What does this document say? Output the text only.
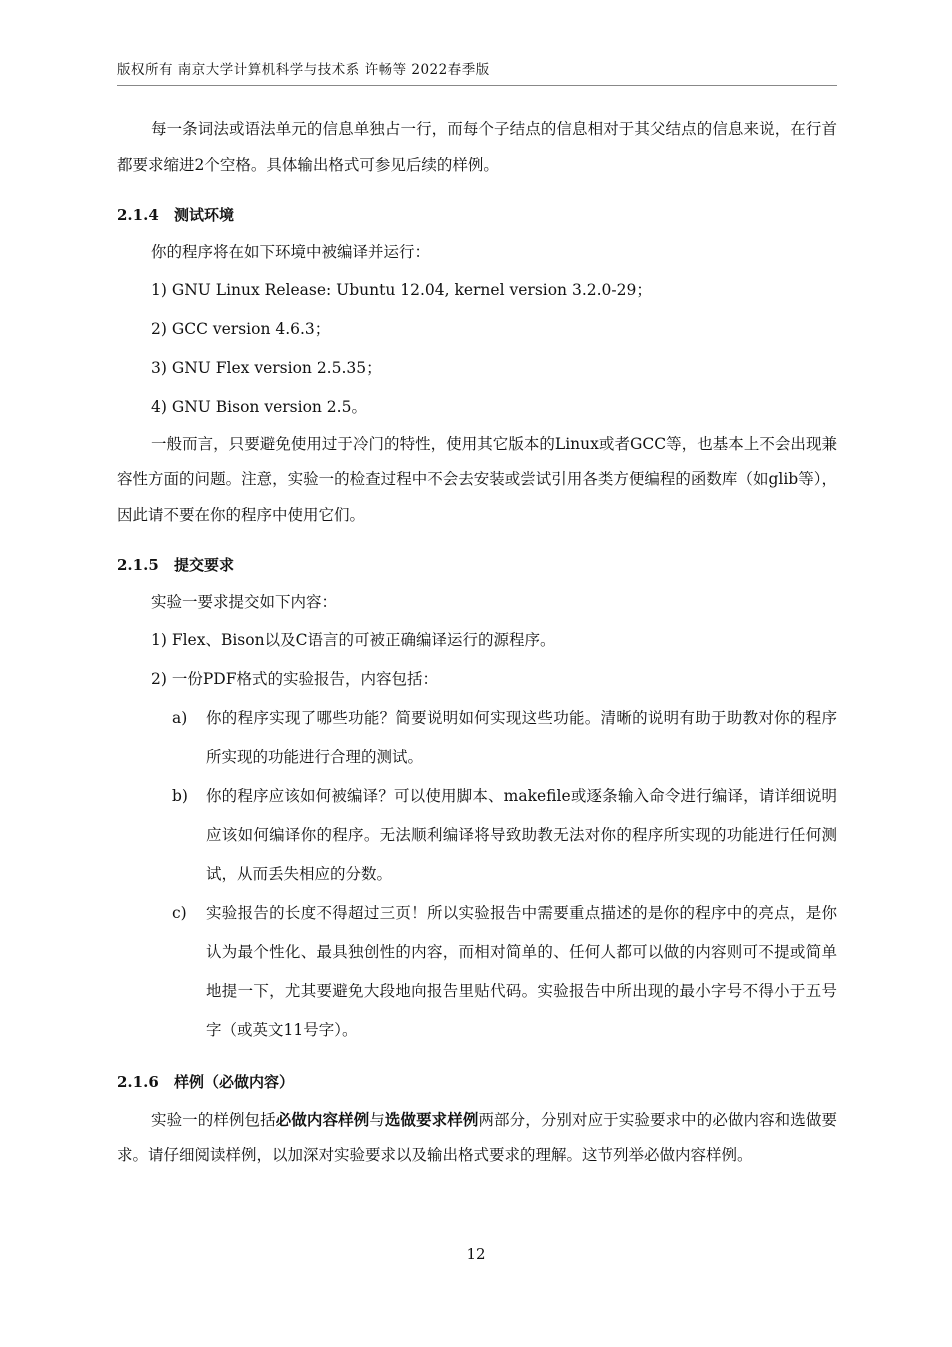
版权所有 南京大学计算机科学与技术系 许畅等 2022春季版

每一条词法或语法单元的信息单独占一行，而每个子结点的信息相对于其父结点的信息来说，在行首都要求缩进2个空格。具体输出格式可参见后续的样例。

2.1.4 测试环境

你的程序将在如下环境中被编译并运行：

1) GNU Linux Release: Ubuntu 12.04, kernel version 3.2.0-29；
2) GCC version 4.6.3；
3) GNU Flex version 2.5.35；
4) GNU Bison version 2.5。

一般而言，只要避免使用过于冷门的特性，使用其它版本的Linux或者GCC等，也基本上不会出现兼容性方面的问题。注意，实验一的检查过程中不会去安装或尝试引用各类方便编程的函数库（如glib等），因此请不要在你的程序中使用它们。

2.1.5 提交要求

实验一要求提交如下内容：

1) Flex、Bison以及C语言的可被正确编译运行的源程序。
2) 一份PDF格式的实验报告，内容包括：
a) 你的程序实现了哪些功能？简要说明如何实现这些功能。清晰的说明有助于助教对你的程序所实现的功能进行合理的测试。
b) 你的程序应该如何被编译？可以使用脚本、makefile或逐条输入命令进行编译，请详细说明应该如何编译你的程序。无法顺利编译将导致助教无法对你的程序所实现的功能进行任何测试，从而丢失相应的分数。
c) 实验报告的长度不得超过三页！所以实验报告中需要重点描述的是你的程序中的亮点，是你认为最个性化、最具独创性的内容，而相对简单的、任何人都可以做的内容则可不提或简单地提一下，尤其要避免大段地向报告里贴代码。实验报告中所出现的最小字号不得小于五号字（或英文11号字）。
2.1.6 样例（必做内容）

实验一的样例包括必做内容样例与选做要求样例两部分，分别对应于实验要求中的必做内容和选做要求。请仔细阅读样例，以加深对实验要求以及输出格式要求的理解。这节列举必做内容样例。

12
